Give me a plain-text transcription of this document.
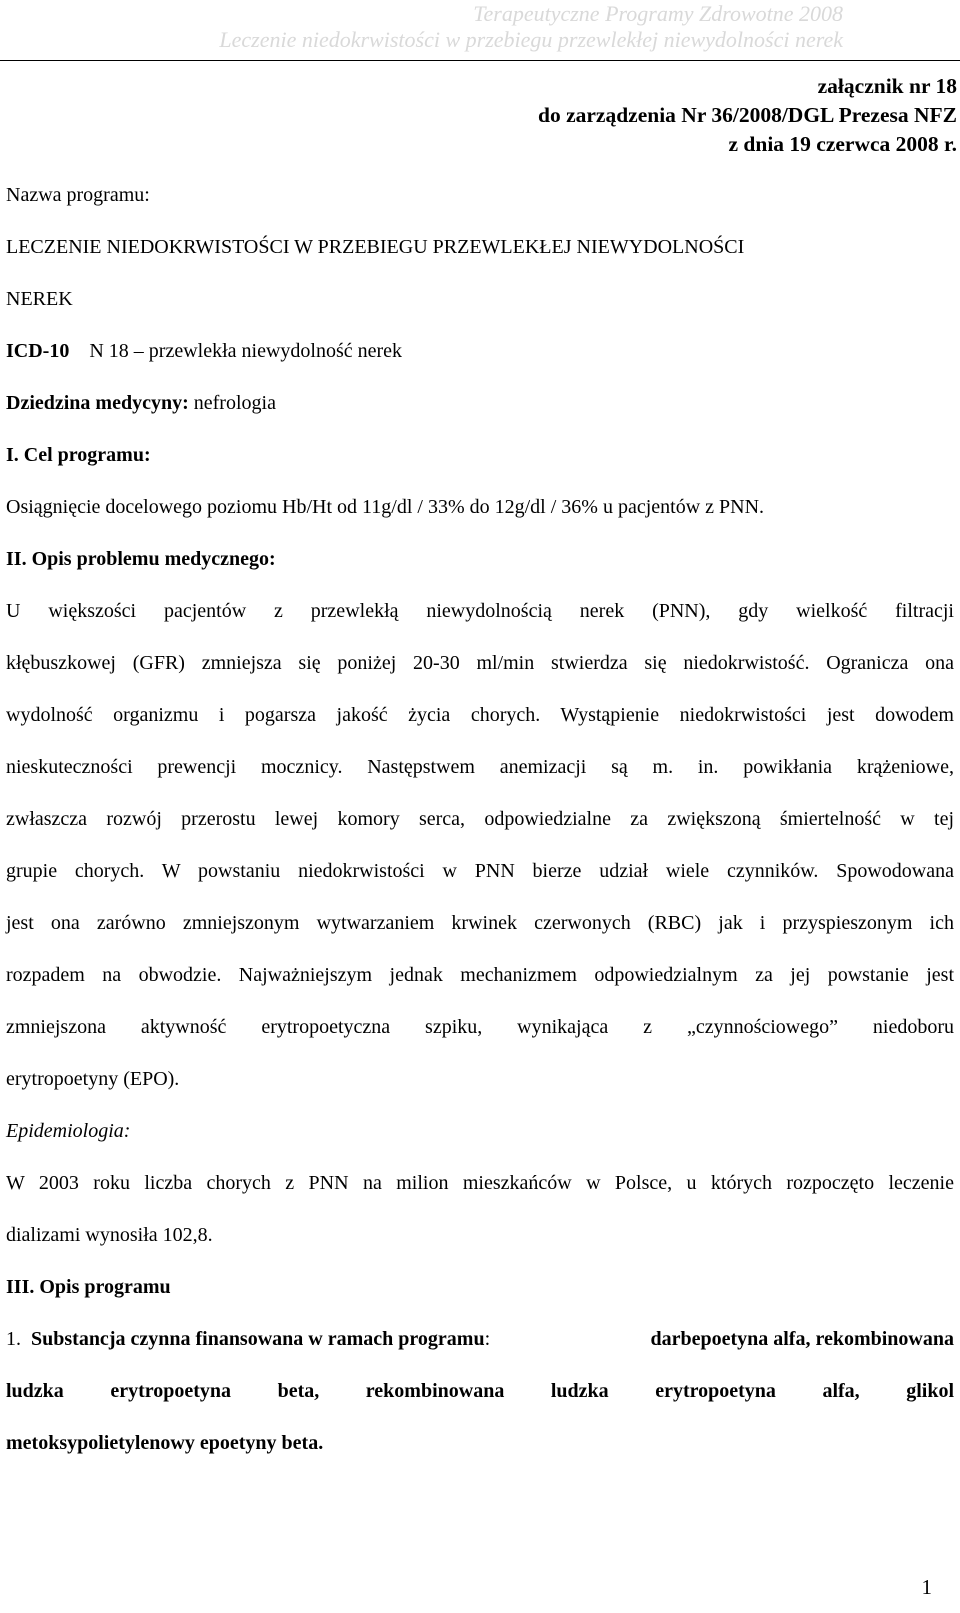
Terapeutyczne Programy Zdrowotne 2008
Leczenie niedokrwistości w przebiegu przewlekłej niewydolności nerek
załącznik nr 18
do zarządzenia Nr 36/2008/DGL Prezesa NFZ
z dnia 19 czerwca 2008 r.
Nazwa programu:
LECZENIE NIEDOKRWISTOŚCI W PRZEBIEGU PRZEWLEKŁEJ NIEWYDOLNOŚCI
NEREK
ICD-10 N 18 – przewlekła niewydolność nerek
Dziedzina medycyny: nefrologia
I. Cel programu:
Osiągnięcie docelowego poziomu Hb/Ht od 11g/dl / 33% do 12g/dl / 36% u pacjentów z PNN.
II. Opis problemu medycznego:
U większości pacjentów z przewlekłą niewydolnością nerek (PNN), gdy wielkość filtracji
kłębuszkowej (GFR) zmniejsza się poniżej 20-30 ml/min stwierdza się niedokrwistość. Ogranicza ona
wydolność organizmu i pogarsza jakość życia chorych. Wystąpienie niedokrwistości jest dowodem
nieskuteczności prewencji mocznicy. Następstwem anemizacji są m. in. powikłania krążeniowe,
zwłaszcza rozwój przerostu lewej komory serca, odpowiedzialne za zwiększoną śmiertelność w tej
grupie chorych. W powstaniu niedokrwistości w PNN bierze udział wiele czynników. Spowodowana
jest ona zarówno zmniejszonym wytwarzaniem krwinek czerwonych (RBC) jak i przyspieszonym ich
rozpadem na obwodzie. Najważniejszym jednak mechanizmem odpowiedzialnym za jej powstanie jest
zmniejszona aktywność erytropoetyczna szpiku, wynikająca z „czynnościowego” niedoboru
erytropoetyny (EPO).
Epidemiologia:
W 2003 roku liczba chorych z PNN na milion mieszkańców w Polsce, u których rozpoczęto leczenie
dializami wynosiła 102,8.
III. Opis programu
1. Substancja czynna finansowana w ramach programu:	darbepoetyna alfa, rekombinowana
ludzka erytropoetyna beta, rekombinowana ludzka erytropoetyna alfa, glikol
metoksypolietylenowy epoetyny beta.
1
